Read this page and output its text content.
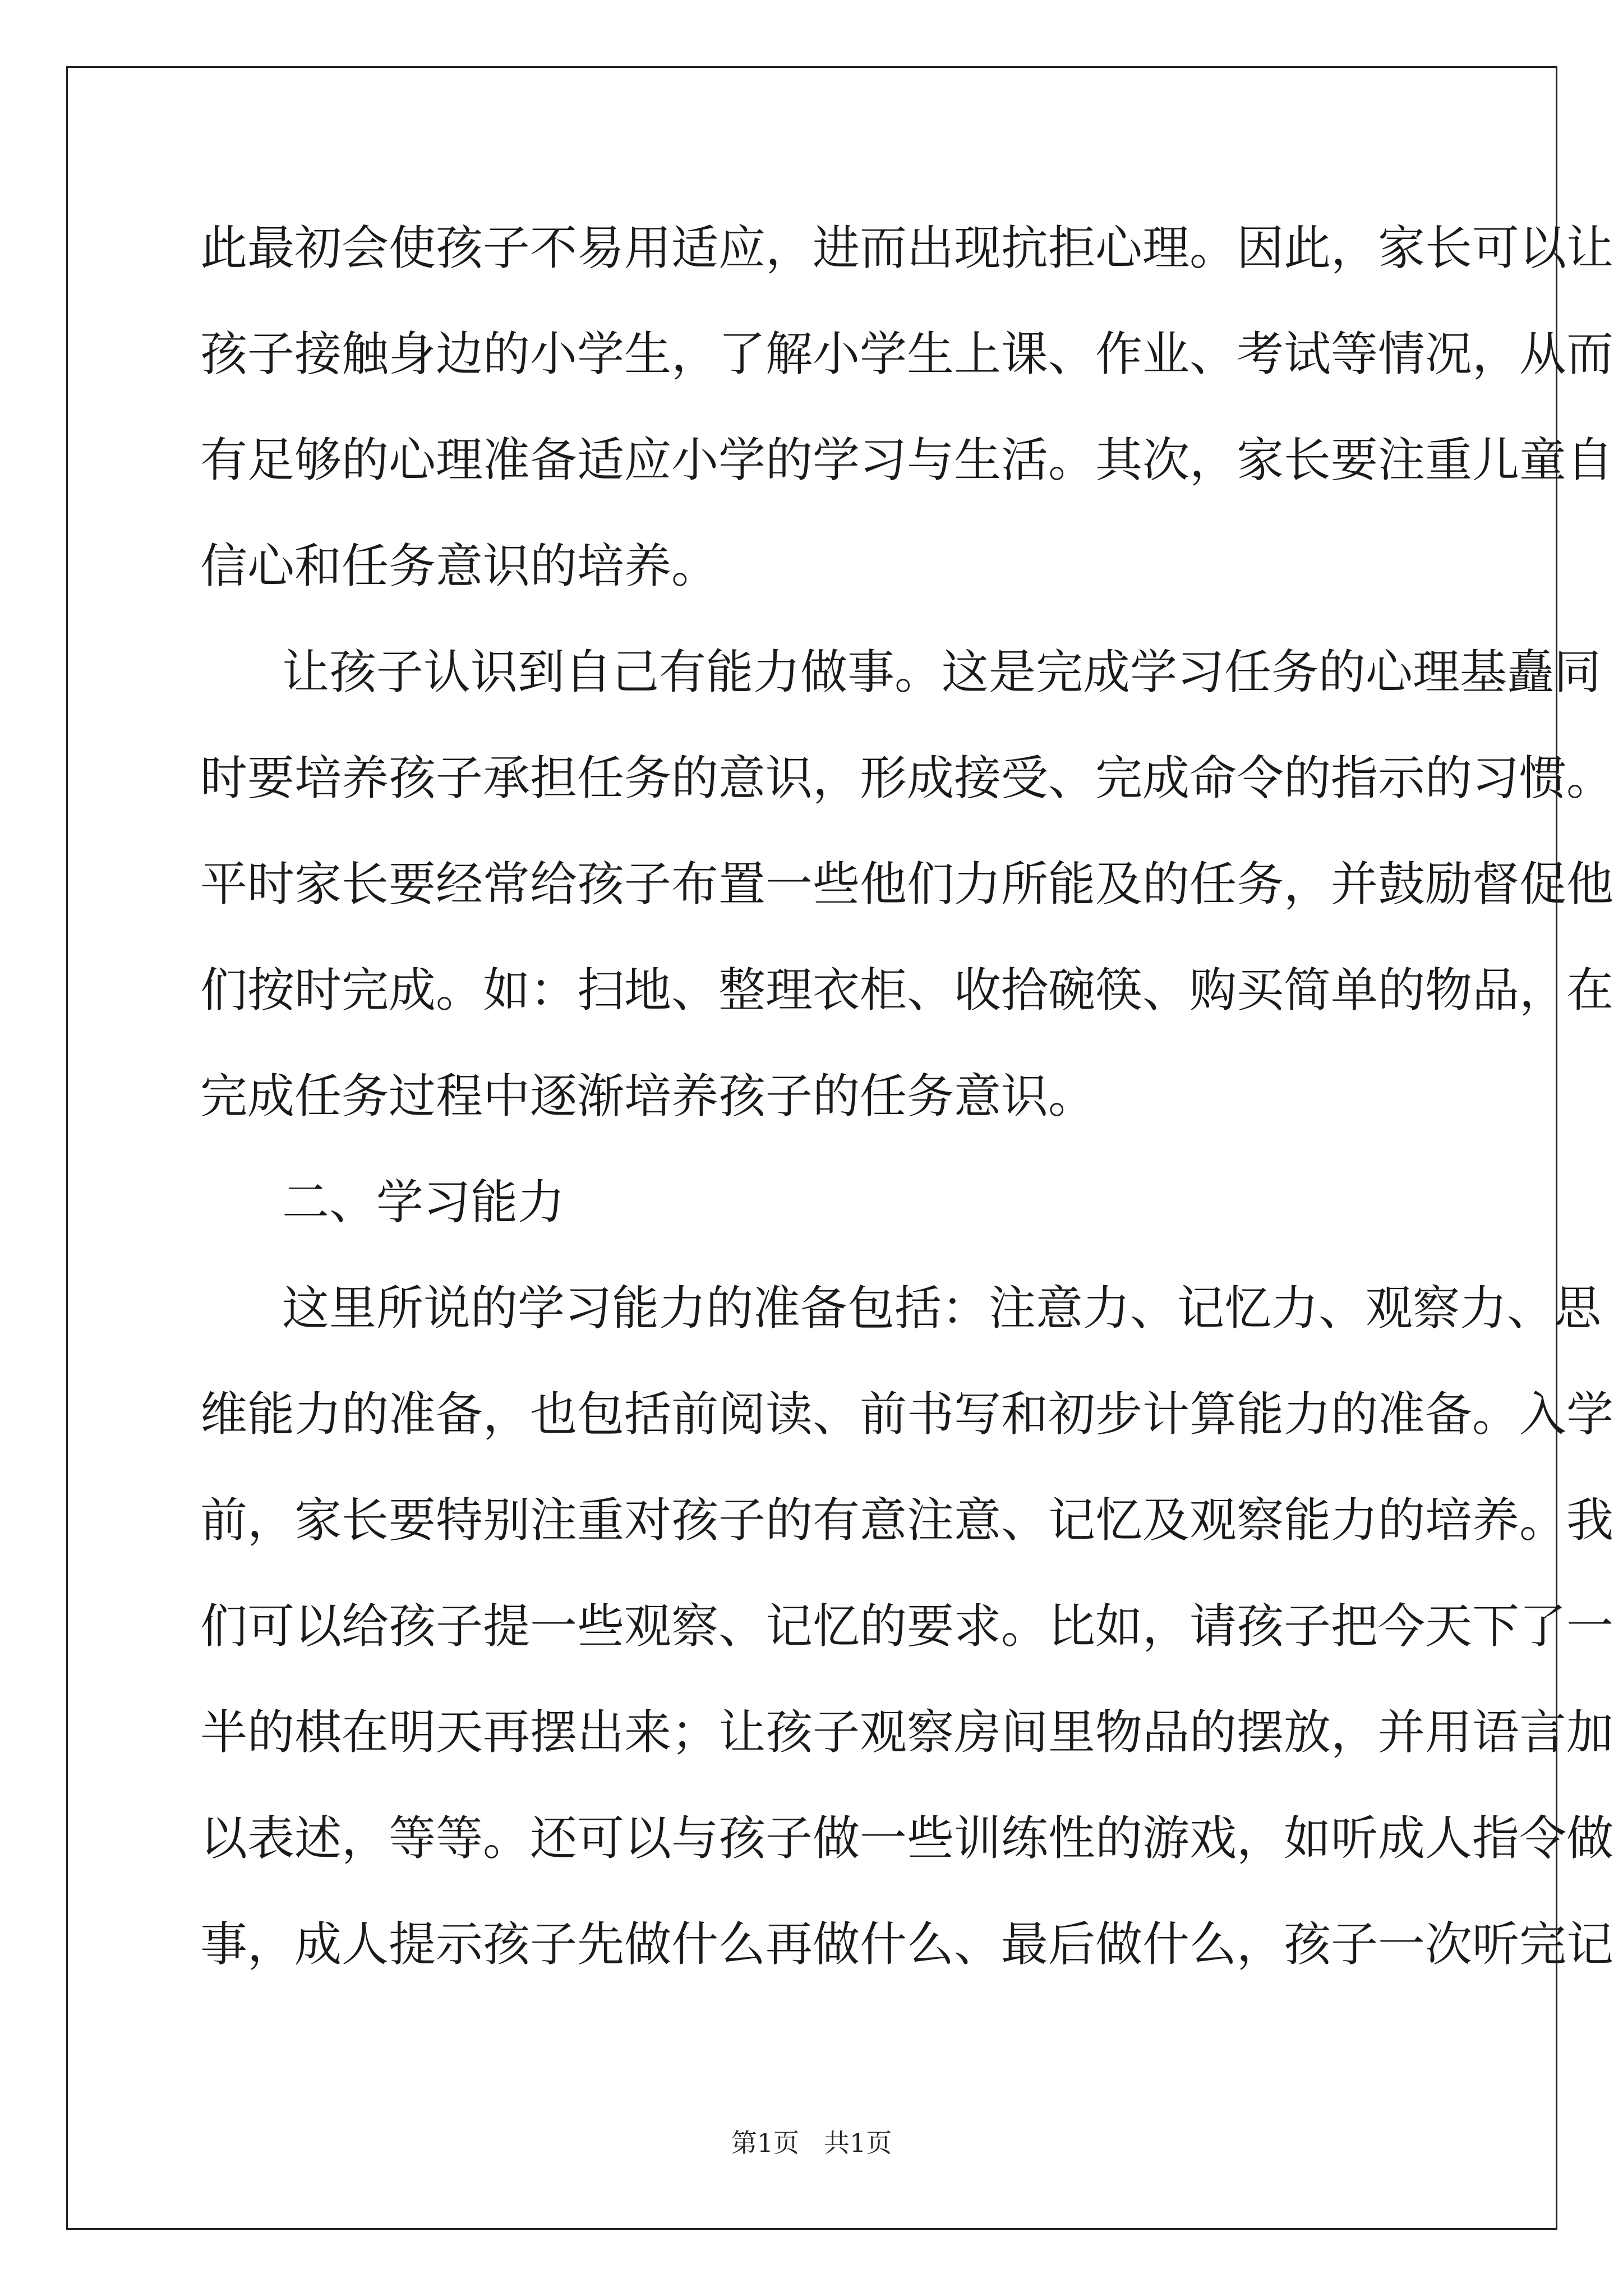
此最初会使孩子不易用适应，进而出现抗拒心理。因此，家长可以让
孩子接触身边的小学生，了解小学生上课、作业、考试等情况，从而
有足够的心理准备适应小学的学习与生活。其次，家长要注重儿童自
信心和任务意识的培养。
让孩子认识到自己有能力做事。这是完成学习任务的心理基矗同
时要培养孩子承担任务的意识，形成接受、完成命令的指示的习惯。
平时家长要经常给孩子布置一些他们力所能及的任务，并鼓励督促他
们按时完成。如：扫地、整理衣柜、收拾碗筷、购买简单的物品，在
完成任务过程中逐渐培养孩子的任务意识。
二、学习能力
这里所说的学习能力的准备包括：注意力、记忆力、观察力、思
维能力的准备，也包括前阅读、前书写和初步计算能力的准备。入学
前，家长要特别注重对孩子的有意注意、记忆及观察能力的培养。我
们可以给孩子提一些观察、记忆的要求。比如，请孩子把今天下了一
半的棋在明天再摆出来；让孩子观察房间里物品的摆放，并用语言加
以表述，等等。还可以与孩子做一些训练性的游戏，如听成人指令做
事，成人提示孩子先做什么再做什么、最后做什么，孩子一次听完记
第1页 共1页
